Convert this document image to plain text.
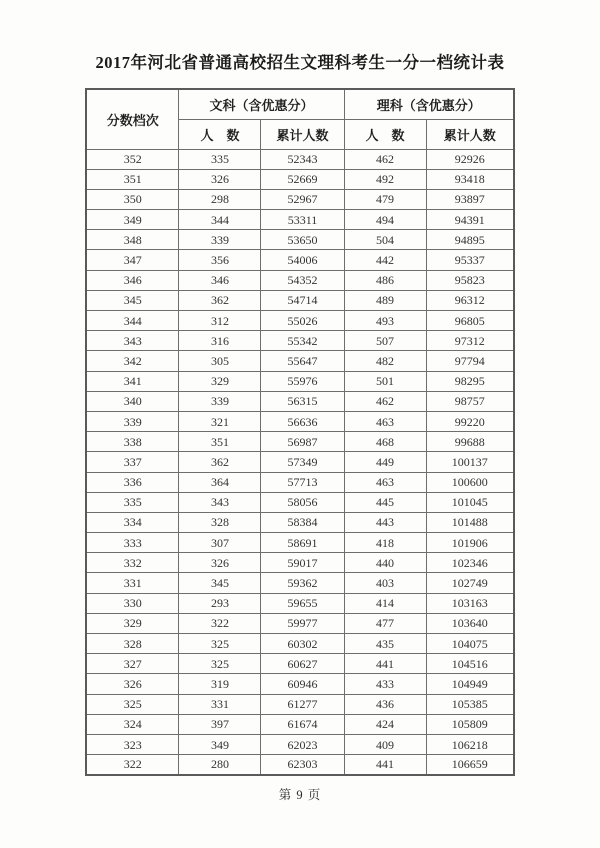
2017年河北省普通高校招生文理科考生一分一档统计表
分数档次	文科（含优惠分）		理科（含优惠分）	
	人　数	累计人数	人　数	累计人数
352	335	52343	462	92926
351	326	52669	492	93418
350	298	52967	479	93897
349	344	53311	494	94391
348	339	53650	504	94895
347	356	54006	442	95337
346	346	54352	486	95823
345	362	54714	489	96312
344	312	55026	493	96805
343	316	55342	507	97312
342	305	55647	482	97794
341	329	55976	501	98295
340	339	56315	462	98757
339	321	56636	463	99220
338	351	56987	468	99688
337	362	57349	449	100137
336	364	57713	463	100600
335	343	58056	445	101045
334	328	58384	443	101488
333	307	58691	418	101906
332	326	59017	440	102346
331	345	59362	403	102749
330	293	59655	414	103163
329	322	59977	477	103640
328	325	60302	435	104075
327	325	60627	441	104516
326	319	60946	433	104949
325	331	61277	436	105385
324	397	61674	424	105809
323	349	62023	409	106218
322	280	62303	441	106659
第 9 页
